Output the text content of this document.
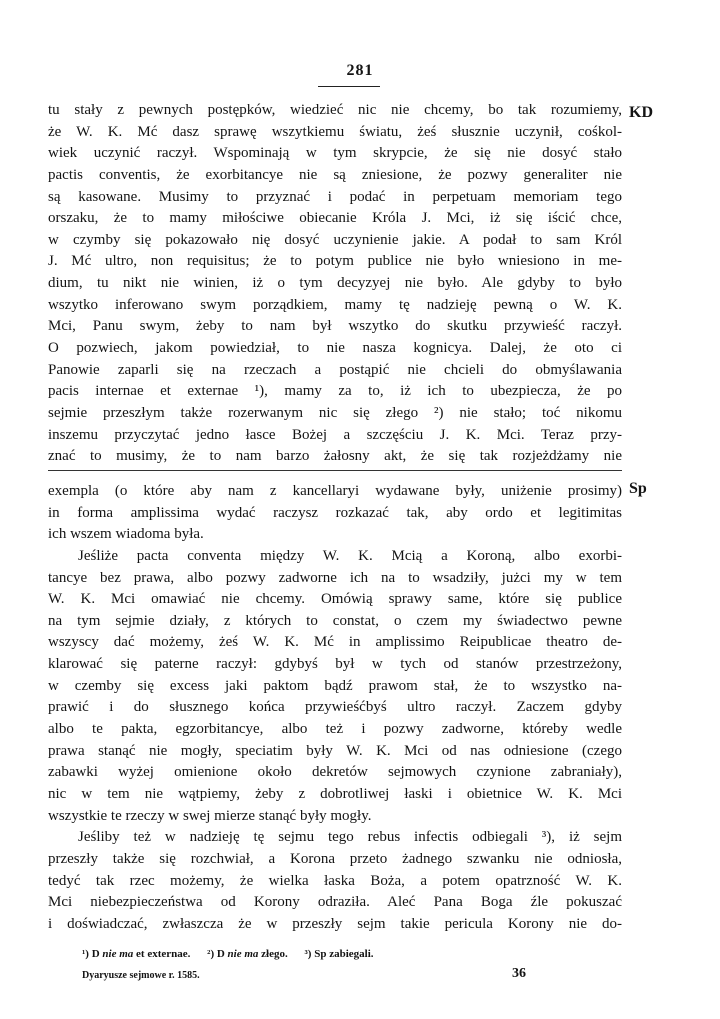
281
KD
Sp
tu stały z pewnych postępków, wiedzieć nic nie chcemy, bo tak rozumiemy,
że W. K. Mć dasz sprawę wszytkiemu światu, żeś słusznie uczynił, cośkol-
wiek uczynić raczył. Wspominają w tym skrypcie, że się nie dosyć stało
pactis conventis, że exorbitancye nie są zniesione, że pozwy generaliter nie
są kasowane. Musimy to przyznać i podać in perpetuam memoriam tego
orszaku, że to mamy miłościwe obiecanie Króla J. Mci, iż się iścić chce,
w czymby się pokazowało nię dosyć uczynienie jakie. A podał to sam Król
J. Mć ultro, non requisitus; że to potym publice nie było wniesiono in me-
dium, tu nikt nie winien, iż o tym decyzyej nie było. Ale gdyby to było
wszytko inferowano swym porządkiem, mamy tę nadzieję pewną o W. K.
Mci, Panu swym, żeby to nam był wszytko do skutku przywieść raczył.
O pozwiech, jakom powiedział, to nie nasza kognicya. Dalej, że oto ci
Panowie zaparli się na rzeczach a postąpić nie chcieli do obmyślawania
pacis internae et externae ¹), mamy za to, iż ich to ubezpiecza, że po
sejmie przeszłym także rozerwanym nic się złego ²) nie stało; toć nikomu
inszemu przyczytać jedno łasce Bożej a szczęściu J. K. Mci. Teraz przy-
znać to musimy, że to nam barzo żałosny akt, że się tak rozjeżdżamy nie
exempla (o które aby nam z kancellaryi wydawane były, uniżenie prosimy)
in forma amplissima wydać raczysz rozkazać tak, aby ordo et legitimitas
ich wszem wiadoma była.
Jeśliże pacta conventa między W. K. Mcią a Koroną, albo exorbi-
tancye bez prawa, albo pozwy zadworne ich na to wsadziły, jużci my w tem
W. K. Mci omawiać nie chcemy. Omówią sprawy same, które się publice
na tym sejmie działy, z których to constat, o czem my świadectwo pewne
wszyscy dać możemy, żeś W. K. Mć in amplissimo Reipublicae theatro de-
klarować się paterne raczył: gdybyś był w tych od stanów przestrzeżony,
w czemby się excess jaki paktom bądź prawom stał, że to wszystko na-
prawić i do słusznego końca przywieśćbyś ultro raczył. Zaczem gdyby
albo te pakta, egzorbitancye, albo też i pozwy zadworne, któreby wedle
prawa stanąć nie mogły, speciatim były W. K. Mci od nas odniesione (czego
zabawki wyżej omienione około dekretów sejmowych czynione zabraniały),
nic w tem nie wątpiemy, żeby z dobrotliwej łaski i obietnice W. K. Mci
wszystkie te rzeczy w swej mierze stanąć były mogły.
Jeśliby też w nadzieję tę sejmu tego rebus infectis odbiegali ³), iż sejm
przeszły także się rozchwiał, a Korona przeto żadnego szwanku nie odniosła,
tedyć tak rzec możemy, że wielka łaska Boża, a potem opatrzność W. K.
Mci niebezpieczeństwa od Korony odraziła. Aleć Pana Boga źle pokuszać
i doświadczać, zwłaszcza że w przeszły sejm takie pericula Korony nie do-
¹) D nie ma et externae. ²) D nie ma złego. ³) Sp zabiegali.
Dyaryusze sejmowe r. 1585.	36
